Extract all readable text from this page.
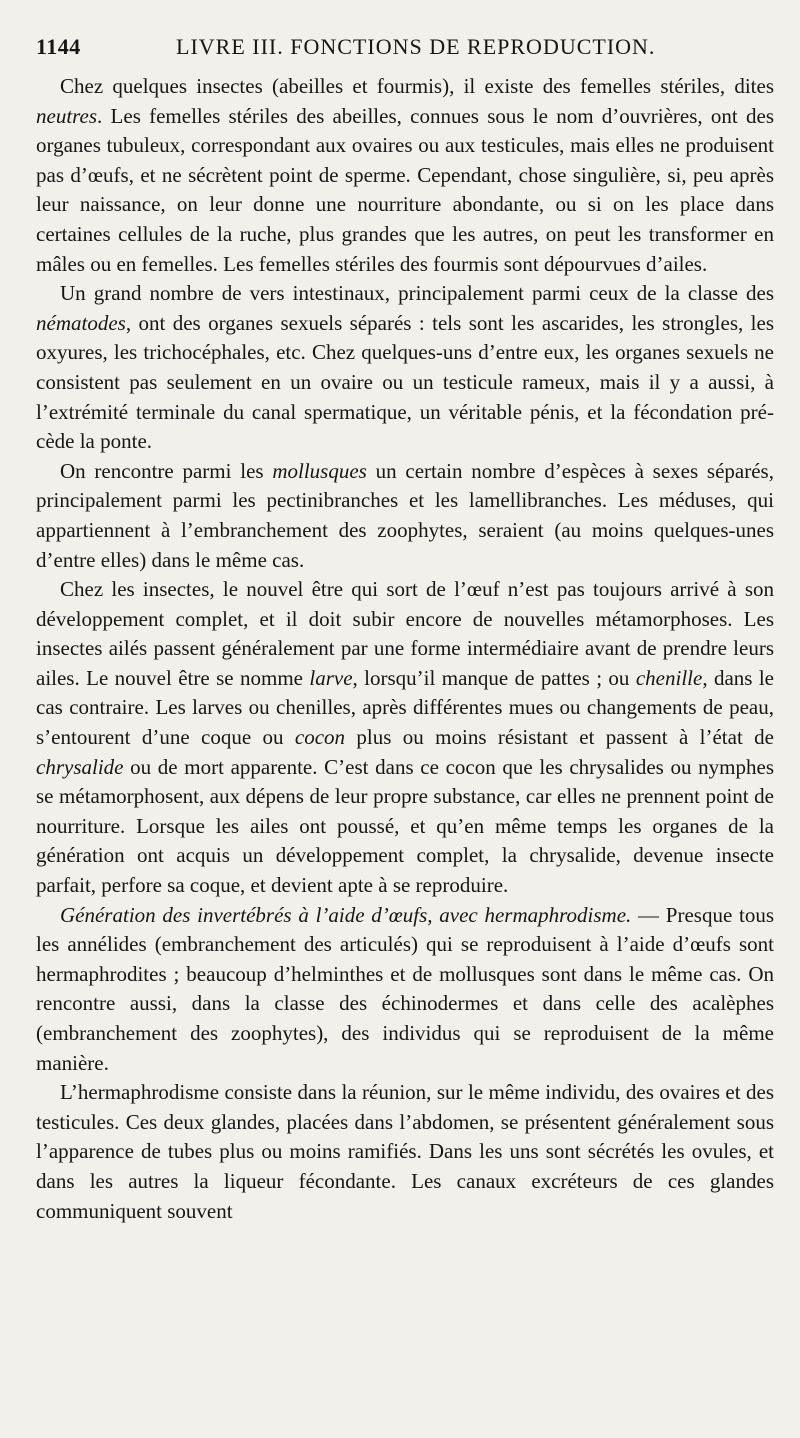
1144	LIVRE III. FONCTIONS DE REPRODUCTION.

Chez quelques insectes (abeilles et fourmis), il existe des femelles stériles, dites neutres. Les femelles stériles des abeilles, connues sous le nom d’ouvrières, ont des organes tubuleux, correspondant aux ovaires ou aux testicules, mais elles ne produisent pas d’œufs, et ne sécrètent point de sperme. Cependant, chose singulière, si, peu après leur naissance, on leur donne une nourriture abondante, ou si on les place dans certaines cellules de la ruche, plus grandes que les autres, on peut les transformer en mâles ou en femelles. Les femelles stériles des fourmis sont dépourvues d’ailes.

Un grand nombre de vers intestinaux, principalement parmi ceux de la classe des nématodes, ont des organes sexuels séparés : tels sont les ascarides, les strongles, les oxyures, les trichocéphales, etc. Chez quelques-uns d’entre eux, les organes sexuels ne consistent pas seulement en un ovaire ou un testicule rameux, mais il y a aussi, à l’extrémité terminale du canal spermatique, un véritable pénis, et la fécondation précède la ponte.

On rencontre parmi les mollusques un certain nombre d’espèces à sexes séparés, principalement parmi les pectinibranches et les lamellibranches. Les méduses, qui appartiennent à l’embranchement des zoophytes, seraient (au moins quelques-unes d’entre elles) dans le même cas.

Chez les insectes, le nouvel être qui sort de l’œuf n’est pas toujours arrivé à son développement complet, et il doit subir encore de nouvelles métamorphoses. Les insectes ailés passent généralement par une forme intermédiaire avant de prendre leurs ailes. Le nouvel être se nomme larve, lorsqu’il manque de pattes ; ou chenille, dans le cas contraire. Les larves ou chenilles, après différentes mues ou changements de peau, s’entourent d’une coque ou cocon plus ou moins résistant et passent à l’état de chrysalide ou de mort apparente. C’est dans ce cocon que les chrysalides ou nymphes se métamorphosent, aux dépens de leur propre substance, car elles ne prennent point de nourriture. Lorsque les ailes ont poussé, et qu’en même temps les organes de la génération ont acquis un développement complet, la chrysalide, devenue insecte parfait, perfore sa coque, et devient apte à se reproduire.

Génération des invertébrés à l’aide d’œufs, avec hermaphrodisme. — Presque tous les annélides (embranchement des articulés) qui se reproduisent à l’aide d’œufs sont hermaphrodites ; beaucoup d’helminthes et de mollusques sont dans le même cas. On rencontre aussi, dans la classe des échinodermes et dans celle des acalèphes (embranchement des zoophytes), des individus qui se reproduisent de la même manière.

L’hermaphrodisme consiste dans la réunion, sur le même individu, des ovaires et des testicules. Ces deux glandes, placées dans l’abdomen, se présentent généralement sous l’apparence de tubes plus ou moins ramifiés. Dans les uns sont sécrétés les ovules, et dans les autres la liqueur fécondante. Les canaux excréteurs de ces glandes communiquent souvent
